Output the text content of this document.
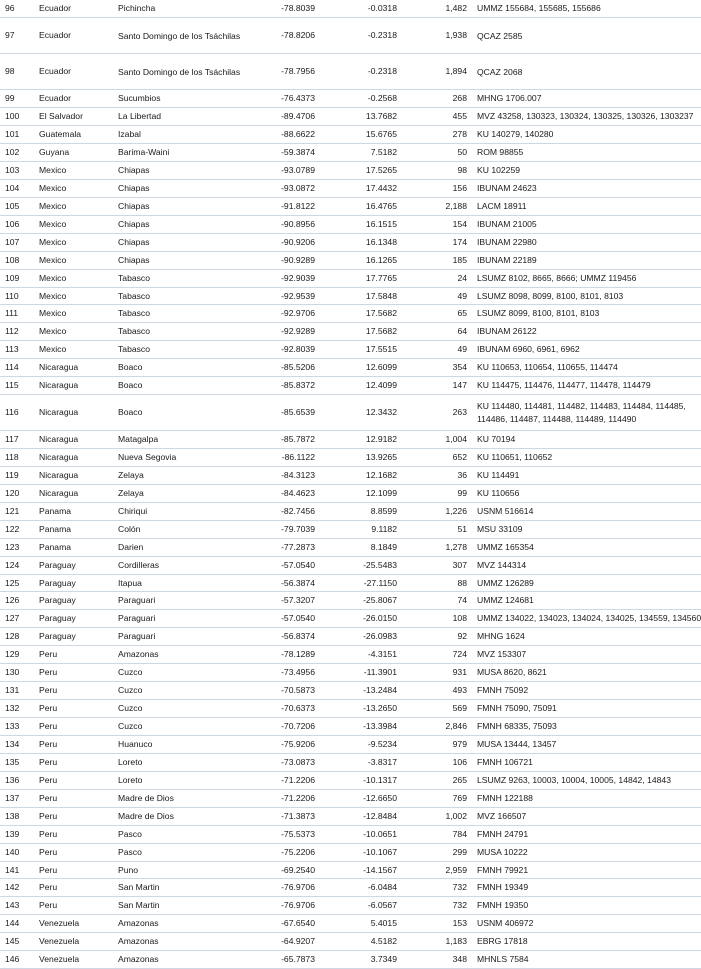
96	Ecuador	Pichincha	-78.8039	-0.0318	1,482	UMMZ 155684, 155685, 155686
97	Ecuador	Santo Domingo de los Tsáchilas	-78.8206	-0.2318	1,938	QCAZ 2585
98	Ecuador	Santo Domingo de los Tsáchilas	-78.7956	-0.2318	1,894	QCAZ 2068
99	Ecuador	Sucumbios	-76.4373	-0.2568	268	MHNG 1706.007
100	El Salvador	La Libertad	-89.4706	13.7682	455	MVZ 43258, 130323, 130324, 130325, 130326, 1303237
101	Guatemala	Izabal	-88.6622	15.6765	278	KU 140279, 140280
102	Guyana	Barima-Waini	-59.3874	7.5182	50	ROM 98855
103	Mexico	Chiapas	-93.0789	17.5265	98	KU 102259
104	Mexico	Chiapas	-93.0872	17.4432	156	IBUNAM 24623
105	Mexico	Chiapas	-91.8122	16.4765	2,188	LACM 18911
106	Mexico	Chiapas	-90.8956	16.1515	154	IBUNAM 21005
107	Mexico	Chiapas	-90.9206	16.1348	174	IBUNAM 22980
108	Mexico	Chiapas	-90.9289	16.1265	185	IBUNAM 22189
109	Mexico	Tabasco	-92.9039	17.7765	24	LSUMZ 8102, 8665, 8666; UMMZ 119456
110	Mexico	Tabasco	-92.9539	17.5848	49	LSUMZ 8098, 8099, 8100, 8101, 8103
111	Mexico	Tabasco	-92.9706	17.5682	65	LSUMZ 8099, 8100, 8101, 8103
112	Mexico	Tabasco	-92.9289	17.5682	64	IBUNAM 26122
113	Mexico	Tabasco	-92.8039	17.5515	49	IBUNAM 6960, 6961, 6962
114	Nicaragua	Boaco	-85.5206	12.6099	354	KU 110653, 110654, 110655, 114474
115	Nicaragua	Boaco	-85.8372	12.4099	147	KU 114475, 114476, 114477, 114478, 114479
116	Nicaragua	Boaco	-85.6539	12.3432	263	KU 114480, 114481, 114482, 114483, 114484, 114485, 114486, 114487, 114488, 114489, 114490
117	Nicaragua	Matagalpa	-85.7872	12.9182	1,004	KU 70194
118	Nicaragua	Nueva Segovia	-86.1122	13.9265	652	KU 110651, 110652
119	Nicaragua	Zelaya	-84.3123	12.1682	36	KU 114491
120	Nicaragua	Zelaya	-84.4623	12.1099	99	KU 110656
121	Panama	Chiriqui	-82.7456	8.8599	1,226	USNM 516614
122	Panama	Colón	-79.7039	9.1182	51	MSU 33109
123	Panama	Darien	-77.2873	8.1849	1,278	UMMZ 165354
124	Paraguay	Cordilleras	-57.0540	-25.5483	307	MVZ 144314
125	Paraguay	Itapua	-56.3874	-27.1150	88	UMMZ 126289
126	Paraguay	Paraguari	-57.3207	-25.8067	74	UMMZ 124681
127	Paraguay	Paraguari	-57.0540	-26.0150	108	UMMZ 134022, 134023, 134024, 134025, 134559, 134560
128	Paraguay	Paraguari	-56.8374	-26.0983	92	MHNG 1624
129	Peru	Amazonas	-78.1289	-4.3151	724	MVZ 153307
130	Peru	Cuzco	-73.4956	-11.3901	931	MUSA 8620, 8621
131	Peru	Cuzco	-70.5873	-13.2484	493	FMNH 75092
132	Peru	Cuzco	-70.6373	-13.2650	569	FMNH 75090, 75091
133	Peru	Cuzco	-70.7206	-13.3984	2,846	FMNH 68335, 75093
134	Peru	Huanuco	-75.9206	-9.5234	979	MUSA 13444, 13457
135	Peru	Loreto	-73.0873	-3.8317	106	FMNH 106721
136	Peru	Loreto	-71.2206	-10.1317	265	LSUMZ 9263, 10003, 10004, 10005, 14842, 14843
137	Peru	Madre de Dios	-71.2206	-12.6650	769	FMNH 122188
138	Peru	Madre de Dios	-71.3873	-12.8484	1,002	MVZ 166507
139	Peru	Pasco	-75.5373	-10.0651	784	FMNH 24791
140	Peru	Pasco	-75.2206	-10.1067	299	MUSA 10222
141	Peru	Puno	-69.2540	-14.1567	2,959	FMNH 79921
142	Peru	San Martin	-76.9706	-6.0484	732	FMNH 19349
143	Peru	San Martin	-76.9706	-6.0567	732	FMNH 19350
144	Venezuela	Amazonas	-67.6540	5.4015	153	USNM 406972
145	Venezuela	Amazonas	-64.9207	4.5182	1,183	EBRG 17818
146	Venezuela	Amazonas	-65.7873	3.7349	348	MHNLS 7584
